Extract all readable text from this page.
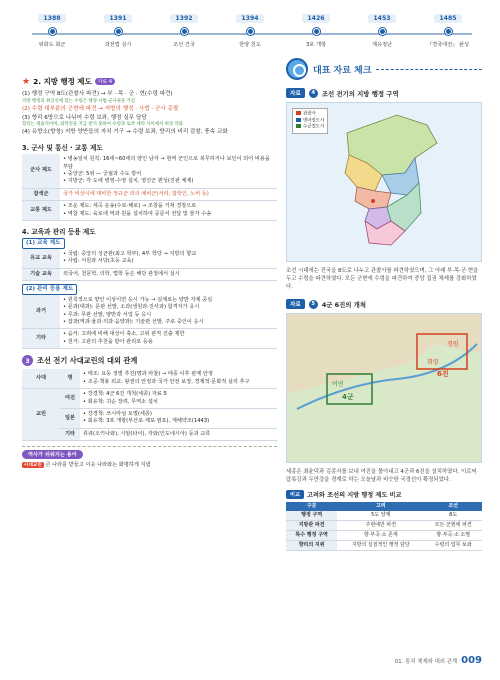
1388
위화도 회군
1391
과전법 실시
1392
조선 건국
1394
한양 천도
1426
3포 개항
1453
계유정난
1485
『경국대전』 완성
★ 2. 지방 행정 제도	자료 4
(1) 행정 구역 8도(관찰사 파견) → 부 · 목 · 군 · 현(수령 파견)
지방 행정의 최일선에 있는 수령은 행정·사법·군사권을 가짐
(2) 수령 대부분의 군현에 파견 → 지방의 행정 · 사법 · 군사 총괄
(3) 향리 6방으로 나뉘어 수령 보좌, 행정 실무 담당
향리는 세습직이며, 외역전을 지급 받지 못하여 수령과 토착 세력 사이에서 위상 약화
(4) 유향소(향청) 지방 양반들의 자치 기구 → 수령 보좌, 향리의 비리 감찰, 풍속 교화
3. 군사 및 통신 · 교통 제도
군사 제도	• 병농일치 원칙: 16세~60세의 양인 남자 → 현역 군인으로 복무하거나 보인이 되어 비용을 부담
• 중앙군: 5위 — 궁궐과 수도 방어
• 지방군: 각 도에 병영·수영 설치, 영진군 편성(진관 체제)
잡색군	국가 비상시에 대비한 정규군 외의 예비군(서리, 잡학인, 노비 등)
교통 제도	• 조운 제도: 세곡 운송(수로·해로) → 조창을 거쳐 경창으로
• 역참 제도: 육로에 역과 원을 설치하여 공문서 전달 및 물자 수송
4. 교육과 관리 등용 제도
(1) 교육 제도
유교 교육	• 국립: 중앙의 성균관(최고 학부), 4부 학당 → 지방의 향교
• 사립: 서원과 서당(초등 교육)
기술 교육	외국어, 천문학, 의학, 법학 등은 해당 관청에서 실시
(2) 관리 등용 제도
과거	• 원칙적으로 양인 이상이면 응시 가능 → 실제로는 양반 자제 중심
• 문과(대과): 문관 선발, 소과(생원과·진사과) 합격자가 응시
• 무과: 무관 선발, 양반과 서얼 등 응시
• 잡과(역과·율과·의과·음양과): 기술관 선발, 주로 중인이 응시
기타	• 음서: 고려에 비해 대상이 축소, 고위 관직 진출 제한
• 천거: 고관의 추천을 받아 관리로 등용
3	조선 전기 사대교린의 대외 관계
사대	명	• 태조: 요동 정벌 추진(명과 마찰) → 태종 이후 관계 안정
• 조공·책봉 외교: 왕권의 안정과 국가 안전 보장, 경제적·문화적 실리 추구
교린	여진	• 강경책: 4군 6진 개척(세종) 자료 5
• 회유책: 귀순 장려, 무역소 설치
	일본	• 강경책: 쓰시마섬 토벌(세종)
• 회유책: 3포 개항(부산포·제포·염포), 계해약조(1443)
	기타	류큐(오키나와), 시암(타이), 자와(인도네시아) 등과 교류
역사가 쉬워지는 용어
사대교린 큰 나라를 받들고 이웃 나라와는 화평하게 지냄
대표 자료 체크
자료	4	조선 전기의 지방 행정 구역
관찰사
병마절도사
수군절도사
조선 시대에는 전국을 8도로 나누고 관찰사를 파견하였으며, 그 아래 부·목·군·현을 두고 수령을 파견하였다. 모든 군현에 수령을 파견하여 중앙 집권 체제를 강화하였다.
자료	5	4군 6진의 개척
여연
경원
회령
4군
6진
세종은 최윤덕과 김종서를 보내 여진을 몰아내고 4군과 6진을 설치하였다. 이로써 압록강과 두만강을 경계로 하는 오늘날과 비슷한 국경선이 확정되었다.
비교	고려와 조선의 지방 행정 제도 비교
구분	고려	조선
행정 구역	5도 양계	8도
지방관 파견	주현에만 파견	모든 군현에 파견
특수 행정 구역	향·부곡·소 존재	향·부곡·소 소멸
향리의 지위	지방의 실질적인 행정 담당	수령의 업무 보좌
01. 통치 체제와 대외 관계 009
